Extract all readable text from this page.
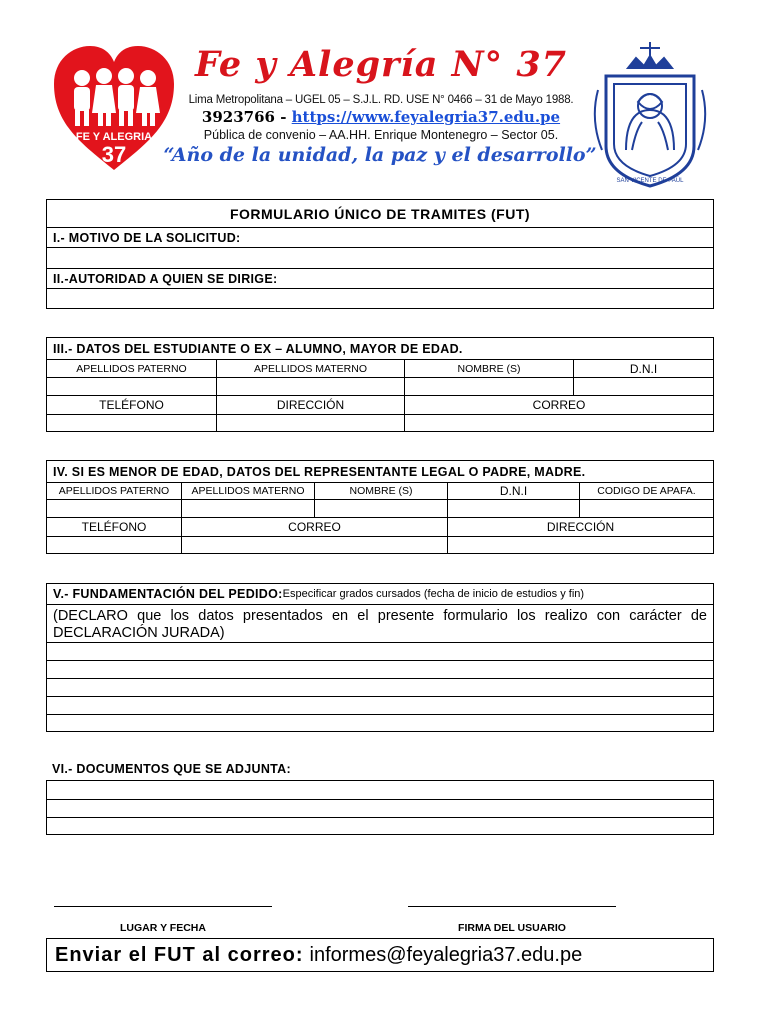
FE Y ALEGRIA
37
Fe y Alegría N° 37
Lima Metropolitana – UGEL 05 – S.J.L. RD. USE N° 0466 – 31 de Mayo 1988.
3923766 - https://www.feyalegria37.edu.pe
Pública de convenio – AA.HH. Enrique Montenegro – Sector 05.
“Año de la unidad, la paz y el desarrollo”
SAN VICENTE DE PAÚL
FORMULARIO ÚNICO DE TRAMITES (FUT)
I.- MOTIVO DE LA SOLICITUD:
II.-AUTORIDAD A QUIEN SE DIRIGE:
III.- DATOS DEL ESTUDIANTE O EX – ALUMNO, MAYOR DE EDAD.
APELLIDOS PATERNO	APELLIDOS MATERNO	NOMBRE (S)	D.N.I
TELÉFONO	DIRECCIÓN	CORREO
IV. SI ES MENOR DE EDAD, DATOS DEL REPRESENTANTE LEGAL O PADRE, MADRE.
APELLIDOS PATERNO	APELLIDOS MATERNO	NOMBRE (S)	D.N.I	CODIGO DE APAFA.
TELÉFONO	CORREO	DIRECCIÓN
V.- FUNDAMENTACIÓN DEL PEDIDO: Especificar grados cursados (fecha de inicio de estudios y fin)
(DECLARO que los datos presentados en el presente formulario los realizo con carácter de DECLARACIÓN JURADA)
VI.- DOCUMENTOS QUE SE ADJUNTA:
LUGAR Y FECHA	FIRMA DEL USUARIO
Enviar el FUT al correo: informes@feyalegria37.edu.pe
